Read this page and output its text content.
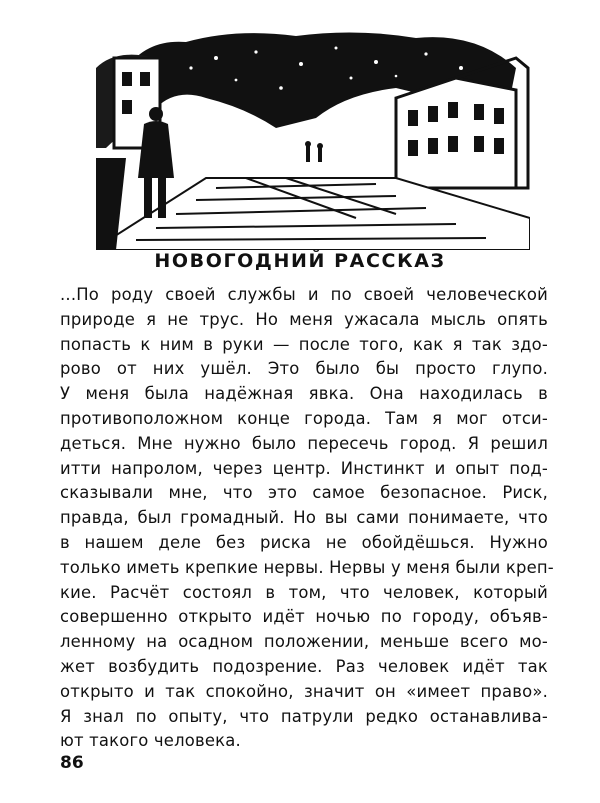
НОВОГОДНИЙ РАССКАЗ
...По роду своей службы и по своей человеческой
природе я не трус. Но меня ужасала мысль опять
попасть к ним в руки — после того, как я так здо-
рово от них ушёл. Это было бы просто глупо.
У меня была надёжная явка. Она находилась в
противоположном конце города. Там я мог отси-
деться. Мне нужно было пересечь город. Я решил
итти напролом, через центр. Инстинкт и опыт под-
сказывали мне, что это самое безопасное. Риск,
правда, был громадный. Но вы сами понимаете, что
в нашем деле без риска не обойдёшься. Нужно
только иметь крепкие нервы. Нервы у меня были креп-
кие. Расчёт состоял в том, что человек, который
совершенно открыто идёт ночью по городу, объяв-
ленному на осадном положении, меньше всего мо-
жет возбудить подозрение. Раз человек идёт так
открыто и так спокойно, значит он «имеет право».
Я знал по опыту, что патрули редко останавлива-
ют такого человека.
86
